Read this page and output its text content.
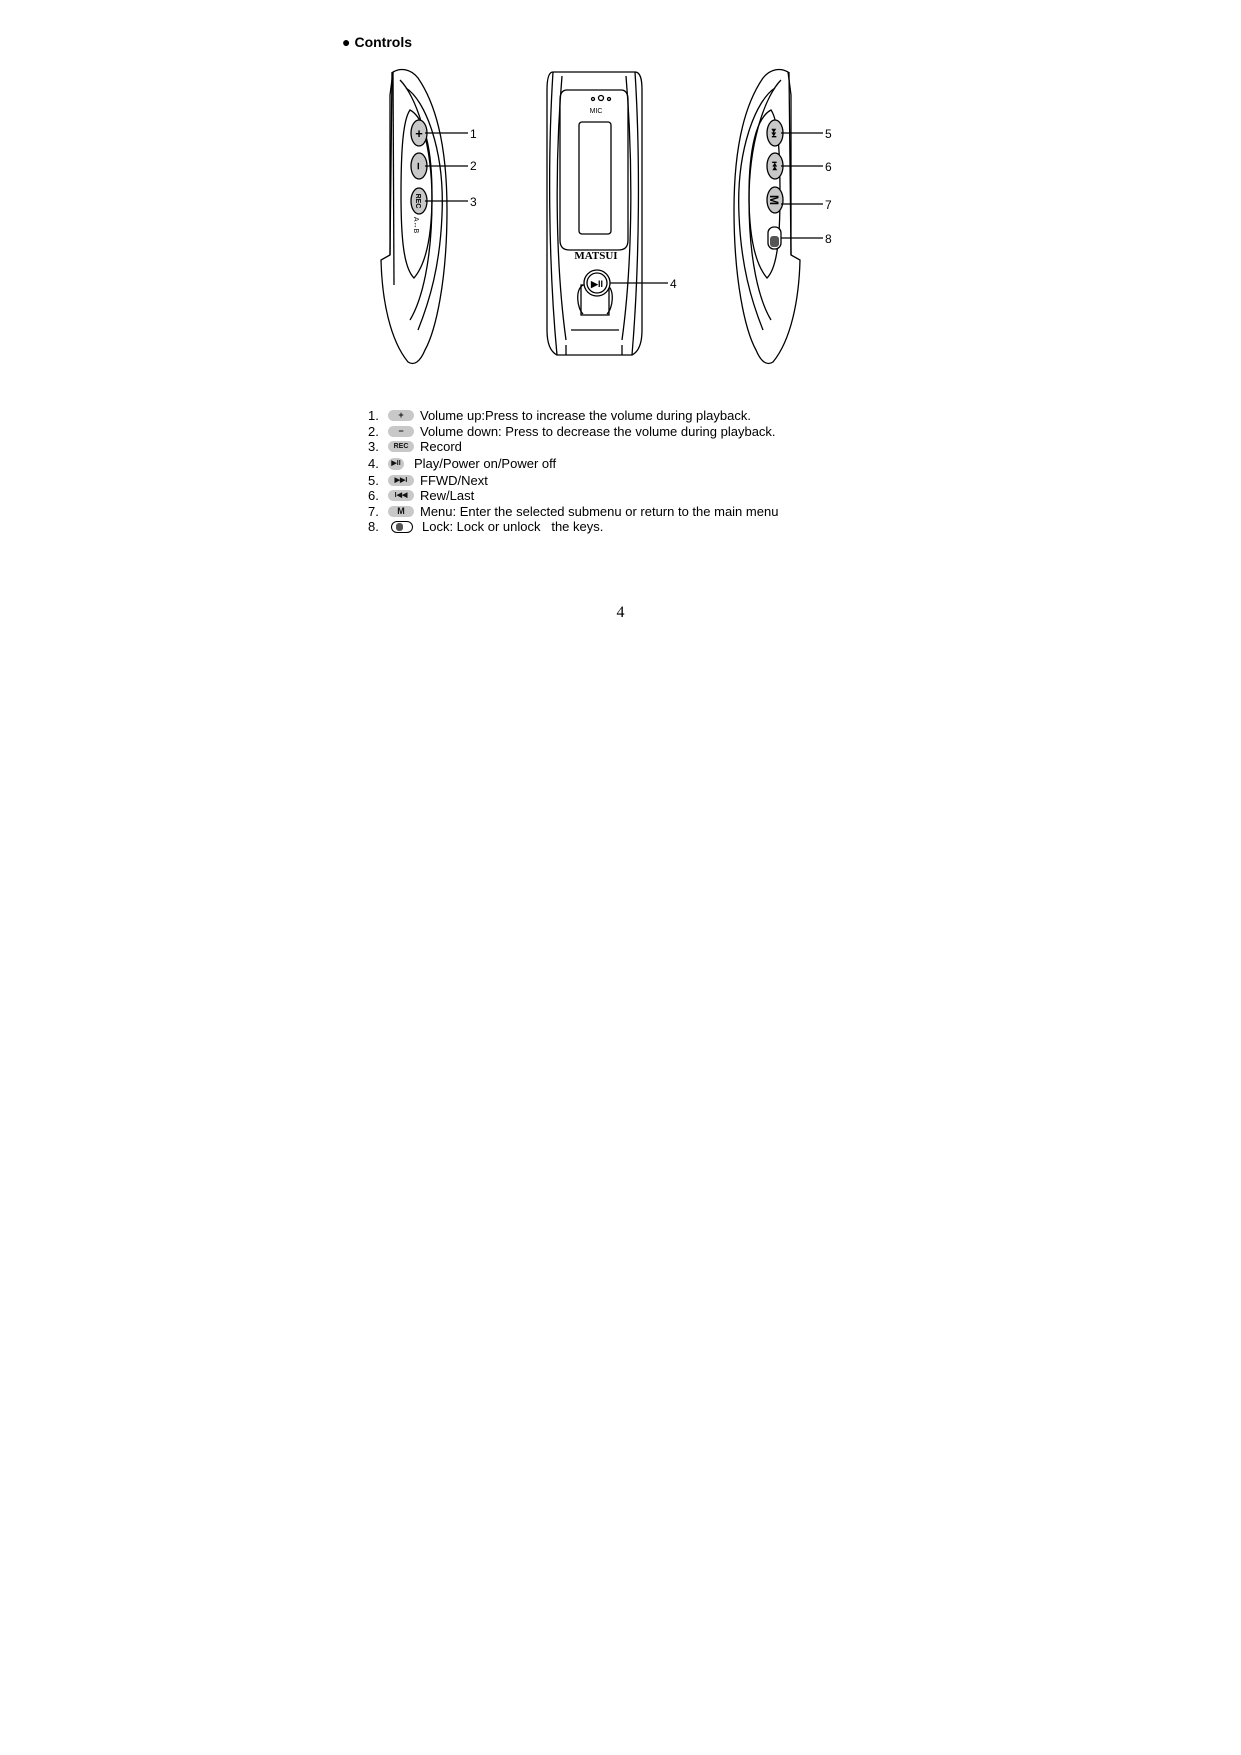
● Controls
+
−
REC
A↔B
MIC
MATSUI
▶II
⏭
⏮
M
1
2
3
4
5
6
7
8
1.	+	Volume up:Press to increase the volume during playback.
2.	−	Volume down: Press to decrease the volume during playback.
3.	REC Record
4.	▶II Play/Power on/Power off
5.	▶▶I FFWD/Next
6.	I◀◀ Rew/Last
7.	M	Menu: Enter the selected submenu or return to the main menu
8.	Lock: Lock or unlock   the keys.
4
